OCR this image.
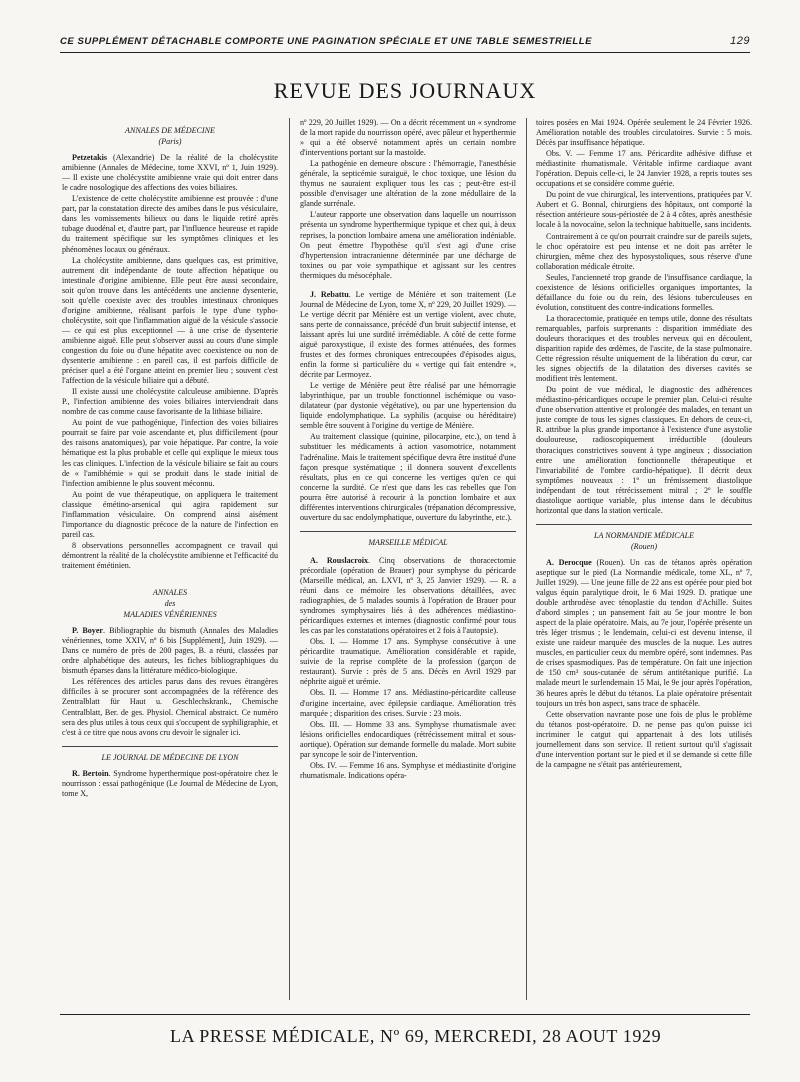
CE SUPPLÉMENT DÉTACHABLE COMPORTE UNE PAGINATION SPÉCIALE ET UNE TABLE SEMESTRIELLE	129
REVUE DES JOURNAUX
ANNALES DE MÉDECINE
(Paris)

Petzetakis (Alexandrie) De la réalité de la cholécystite amibienne (Annales de Médecine, tome XXVI, nº 1, Juin 1929). — Il existe une cholécystite amibienne vraie qui doit entrer dans le cadre nosologique des affections des voies biliaires.

L'existence de cette cholécystite amibienne est prouvée : d'une part, par la constatation directe des amibes dans le pus vésiculaire, dans les vomissements bilieux ou dans le liquide retiré après tubage duodénal et, d'autre part, par l'influence heureuse et rapide du traitement spécifique sur les symptômes cliniques et les phénomènes locaux ou généraux.

La cholécystite amibienne, dans quelques cas, est primitive, autrement dit indépendante de toute affection hépatique ou intestinale d'origine amibienne. Elle peut être aussi secondaire, soit qu'on trouve dans les antécédents une ancienne dysenterie, soit qu'elle coexiste avec des troubles intestinaux chroniques d'origine amibienne, réalisant parfois le type d'une typho-cholécystite, soit que l'inflammation aiguë de la vésicule s'associe — ce qui est plus exceptionnel — à une crise de dysenterie amibienne aiguë. Elle peut s'observer aussi au cours d'une simple congestion du foie ou d'une hépatite avec coexistence ou non de dysenterie amibienne : en pareil cas, il est parfois difficile de préciser quel a été l'organe atteint en premier lieu ; souvent c'est l'affection de la vésicule biliaire qui a débuté.

Il existe aussi une cholécystite calculeuse amibienne. D'après P., l'infection amibienne des voies biliaires interviendrait dans nombre de cas comme cause favorisante de la lithiase biliaire.

Au point de vue pathogénique, l'infection des voies biliaires pourrait se faire par voie ascendante et, plus difficilement (pour des raisons anatomiques), par voie hépatique. Par contre, la voie hématique est la plus probable et celle qui explique le mieux tous les cas cliniques. L'infection de la vésicule biliaire se fait au cours de « l'amibhémie » qui se produit dans le stade initial de l'infection amibienne le plus souvent méconnu.

Au point de vue thérapeutique, on appliquera le traitement classique émétino-arsenical qui agira rapidement sur l'inflammation vésiculaire. On comprend ainsi aisément l'importance du diagnostic précoce de la nature de l'infection en pareil cas.

8 observations personnelles accompagnent ce travail qui démontrent la réalité de la cholécystite amibienne et l'efficacité du traitement émétinien.

ANNALES
des
MALADIES VÉNÉRIENNES

P. Boyer. Bibliographie du bismuth (Annales des Maladies vénériennes, tome XXIV, nº 6 bis [Supplément], Juin 1929). — Dans ce numéro de près de 200 pages, B. a réuni, classées par ordre alphabétique des auteurs, les fiches bibliographiques du bismuth éparses dans la littérature médico-biologique.

Les références des articles parus dans des revues étrangères difficiles à se procurer sont accompagnées de la référence des Zentralblatt für Haut u. Geschlechskrank., Chemische Centralblatt, Ber. de ges. Physiol. Chemical abstraict. Ce numéro sera des plus utiles à tous ceux qui s'occupent de syphiligraphie, et c'est à ce titre que nous avons cru devoir le signaler ici.

LE JOURNAL DE MÉDECINE DE LYON

R. Bertoin. Syndrome hyperthermique post-opératoire chez le nourrisson : essai pathogénique (Le Journal de Médecine de Lyon, tome X,

nº 229, 20 Juillet 1929). — On a décrit récemment un « syndrome de la mort rapide du nourrisson opéré, avec pâleur et hyperthermie » qui a été observé notamment après un certain nombre d'interventions portant sur la mastoïde.

La pathogénie en demeure obscure : l'hémorragie, l'anesthésie générale, la septicémie suraiguë, le choc toxique, une lésion du thymus ne sauraient expliquer tous les cas ; peut-être est-il possible d'envisager une altération de la zone médullaire de la glande surrénale.

L'auteur rapporte une observation dans laquelle un nourrisson présenta un syndrome hyperthermique typique et chez qui, à deux reprises, la ponction lombaire amena une amélioration indéniable. On peut émettre l'hypothèse qu'il s'est agi d'une crise d'hypertension intracranienne déterminée par une décharge de toxines ou par voie sympathique et agissant sur les centres thermiques du mésocéphale.

J. Rebattu. Le vertige de Ménière et son traitement (Le Journal de Médecine de Lyon, tome X, nº 229, 20 Juillet 1929). — Le vertige décrit par Ménière est un vertige violent, avec chute, sans perte de connaissance, précédé d'un bruit subjectif intense, et laissant après lui une surdité irrémédiable. A côté de cette forme aiguë paroxystique, il existe des formes atténuées, des formes frustes et des formes chroniques entrecoupées d'épisodes aigus, enfin la forme si particulière du « vertige qui fait entendre », décrite par Lermoyez.

Le vertige de Ménière peut être réalisé par une hémorragie labyrinthique, par un trouble fonctionnel ischémique ou vaso-dilatateur (par dystonie végétative), ou par une hypertension du liquide endolymphatique. La syphilis (acquise ou héréditaire) semble être souvent à l'origine du vertige de Ménière.

Au traitement classique (quinine, pilocarpine, etc.), on tend à substituer les médicaments à action vasomotrice, notamment l'adrénaline. Mais le traitement spécifique devra être institué d'une façon presque systématique ; il donnera souvent d'excellents résultats, plus en ce qui concerne les vertiges qu'en ce qui concerne la surdité. Ce n'est que dans les cas rebelles que l'on pourra être autorisé à recourir à la ponction lombaire et aux différentes interventions chirurgicales (trépanation décompressive, ouverture du sac endolymphatique, ouverture du labyrinthe, etc.).

MARSEILLE MÉDICAL

A. Rouslacroix. Cinq observations de thoracectomie précordiale (opération de Brauer) pour symphyse du péricarde (Marseille médical, an. LXVI, nº 3, 25 Janvier 1929). — R. a réuni dans ce mémoire les observations détaillées, avec radiographies, de 5 malades soumis à l'opération de Brauer pour syndromes symphysaires liés à des adhérences médiastino-péricardiques externes et internes (diagnostic confirmé pour tous les cas par les constatations opératoires et 2 fois à l'autopsie).

Obs. I. — Homme 17 ans. Symphyse consécutive à une péricardite traumatique. Amélioration considérable et rapide, suivie de la reprise complète de la profession (garçon de restaurant). Survie : près de 5 ans. Décès en Avril 1929 par néphrite aiguë et urémie.

Obs. II. — Homme 17 ans. Médiastino-péricardite calleuse d'origine incertaine, avec épilepsie cardiaque. Amélioration très marquée ; disparition des crises. Survie : 23 mois.

Obs. III. — Homme 33 ans. Symphyse rhumatismale avec lésions orificielles endocardiques (rétrécissement mitral et sous-aortique). Opération sur demande formelle du malade. Mort subite par syncope le soir de l'intervention.

Obs. IV. — Femme 16 ans. Symphyse et médiastinite d'origine rhumatismale. Indications opéra-

toires posées en Mai 1924. Opérée seulement le 24 Février 1926. Amélioration notable des troubles circulatoires. Survie : 5 mois. Décès par insuffisance hépatique.

Obs. V. — Femme 17 ans. Péricardite adhésive diffuse et médiastinite rhumatismale. Véritable infirme cardiaque avant l'opération. Depuis celle-ci, le 24 Janvier 1928, a repris toutes ses occupations et se considère comme guérie.

Du point de vue chirurgical, les interventions, pratiquées par V. Aubert et G. Bonnal, chirurgiens des hôpitaux, ont comporté la résection antérieure sous-périostée de 2 à 4 côtes, après anesthésie locale à la novocaïne, selon la technique habituelle, sans incidents.

Contrairement à ce qu'on pourrait craindre sur de pareils sujets, le choc opératoire est peu intense et ne doit pas arrêter le chirurgien, même chez des hyposystoliques, sous réserve d'une collaboration médicale étroite.

Seules, l'ancienneté trop grande de l'insuffisance cardiaque, la coexistence de lésions orificielles organiques importantes, la défaillance du foie ou du rein, des lésions tuberculeuses en évolution, constituent des contre-indications formelles.

La thoracectomie, pratiquée en temps utile, donne des résultats remarquables, parfois surprenants : disparition immédiate des douleurs thoraciques et des troubles nerveux qui en découlent, disparition rapide des œdèmes, de l'ascite, de la stase pulmonaire. Cette régression résulte uniquement de la libération du cœur, car les signes objectifs de la dilatation des diverses cavités se modifient très lentement.

Du point de vue médical, le diagnostic des adhérences médiastino-péricardiques occupe le premier plan. Celui-ci résulte d'une observation attentive et prolongée des malades, en tenant un juste compte de tous les signes classiques. En dehors de ceux-ci, R. attribue la plus grande importance à l'existence d'une asystolie douloureuse, radioscopiquement irréductible (douleurs thoraciques constrictives souvent à type angineux ; dissociation entre une amélioration fonctionnelle thérapeutique et l'invariabilité de l'ombre cardio-hépatique). Il décrit deux symptômes nouveaux : 1º un frémissement diastolique indépendant de tout rétrécissement mitral ; 2º le souffle diastolique aortique variable, plus intense dans le décubitus horizontal que dans la station verticale.

LA NORMANDIE MÉDICALE
(Rouen)

A. Derocque (Rouen). Un cas de tétanos après opération aseptique sur le pied (La Normandie médicale, tome XL, nº 7, Juillet 1929). — Une jeune fille de 22 ans est opérée pour pied bot valgus équin paralytique droit, le 6 Mai 1929. D. pratique une double arthrodèse avec ténoplastie du tendon d'Achille. Suites d'abord simples ; un pansement fait au 5e jour montre le bon aspect de la plaie opératoire. Mais, au 7e jour, l'opérée présente un très léger trismus ; le lendemain, celui-ci est devenu intense, il existe une raideur marquée des muscles de la nuque. Les autres muscles, en particulier ceux du membre opéré, sont indemnes. Pas de crises spasmodiques. Pas de température. On fait une injection de 150 cm³ sous-cutanée de sérum antitétanique purifié. La malade meurt le surlendemain 15 Mai, le 9e jour après l'opération, 36 heures après le début du tétanos. La plaie opératoire présentait toujours un très bon aspect, sans trace de sphacèle.

Cette observation navrante pose une fois de plus le problème du tétanos post-opératoire. D. ne pense pas qu'on puisse ici incriminer le catgut qui appartenait à des lots utilisés journellement dans son service. Il retient surtout qu'il s'agissait d'une intervention portant sur le pied et il se demande si cette fille de la campagne ne s'était pas antérieurement,

LA PRESSE MÉDICALE, Nº 69, MERCREDI, 28 AOUT 1929
